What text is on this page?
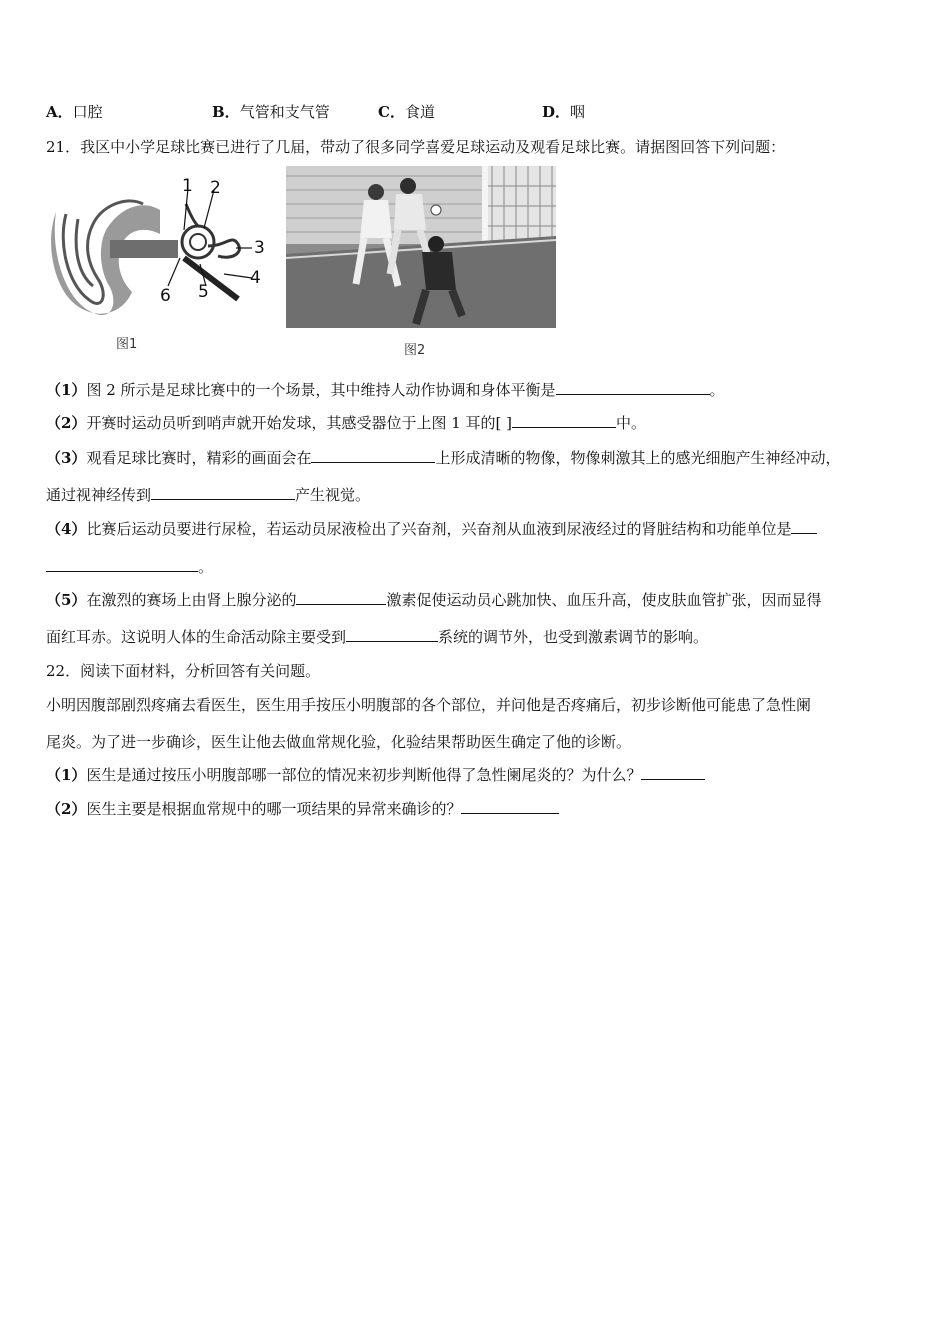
A．口腔	B．气管和支气管	C．食道	D．咽
21．我区中小学足球比赛已进行了几届，带动了很多同学喜爱足球运动及观看足球比赛。请据图回答下列问题：
1 2
3
4
5
6
图1	图2
（1）图 2 所示是足球比赛中的一个场景，其中维持人动作协调和身体平衡是	。
（2）开赛时运动员听到哨声就开始发球，其感受器位于上图 1 耳的[ ]	中。
（3）观看足球比赛时，精彩的画面会在	上形成清晰的物像，物像刺激其上的感光细胞产生神经冲动，
通过视神经传到	产生视觉。
（4）比赛后运动员要进行尿检，若运动员尿液检出了兴奋剂，兴奋剂从血液到尿液经过的肾脏结构和功能单位是
。
（5）在激烈的赛场上由肾上腺分泌的	激素促使运动员心跳加快、血压升高，使皮肤血管扩张，因而显得
面红耳赤。这说明人体的生命活动除主要受到	系统的调节外，也受到激素调节的影响。
22．阅读下面材料，分析回答有关问题。
小明因腹部剧烈疼痛去看医生，医生用手按压小明腹部的各个部位，并问他是否疼痛后，初步诊断他可能患了急性阑
尾炎。为了进一步确诊，医生让他去做血常规化验，化验结果帮助医生确定了他的诊断。
（1）医生是通过按压小明腹部哪一部位的情况来初步判断他得了急性阑尾炎的？为什么？
（2）医生主要是根据血常规中的哪一项结果的异常来确诊的？
